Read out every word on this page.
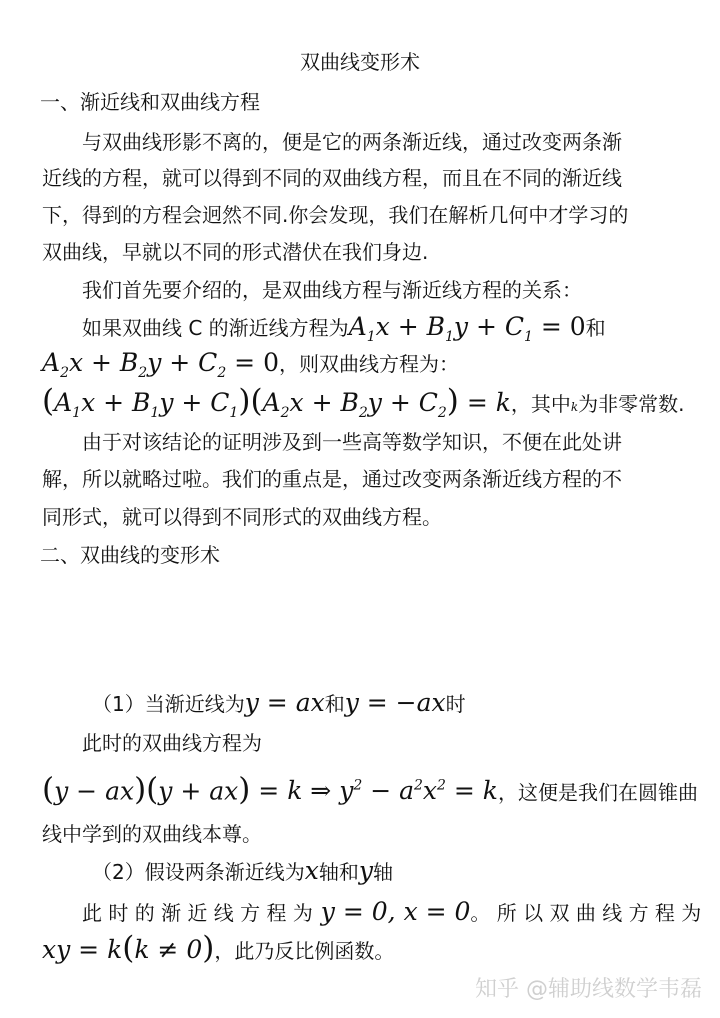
双曲线变形术
一、渐近线和双曲线方程
与双曲线形影不离的，便是它的两条渐近线，通过改变两条渐
近线的方程，就可以得到不同的双曲线方程，而且在不同的渐近线
下，得到的方程会迥然不同.你会发现，我们在解析几何中才学习的
双曲线，早就以不同的形式潜伏在我们身边.
我们首先要介绍的，是双曲线方程与渐近线方程的关系：
如果双曲线 C 的渐近线方程为$A_1x + B_1y + C_1 = 0$和
$A_2x + B_2y + C_2 = 0$，则双曲线方程为：
$(A_1x + B_1y + C_1)(A_2x + B_2y + C_2) = k$，其中k为非零常数.
由于对该结论的证明涉及到一些高等数学知识，不便在此处讲
解，所以就略过啦。我们的重点是，通过改变两条渐近线方程的不
同形式，就可以得到不同形式的双曲线方程。
二、双曲线的变形术
（1）当渐近线为y = ax和y = −ax时
此时的双曲线方程为
(y − ax)(y + ax) = k ⇒ $y^2 - a^2x^2 = k$，这便是我们在圆锥曲
线中学到的双曲线本尊。
（2）假设两条渐近线为x轴和y轴
此 时 的 渐 近 线 方 程 为 y = 0, x = 0。 所 以 双 曲 线 方 程 为
xy = k(k ≠ 0)，此乃反比例函数。
知乎 @辅助线数学韦磊
